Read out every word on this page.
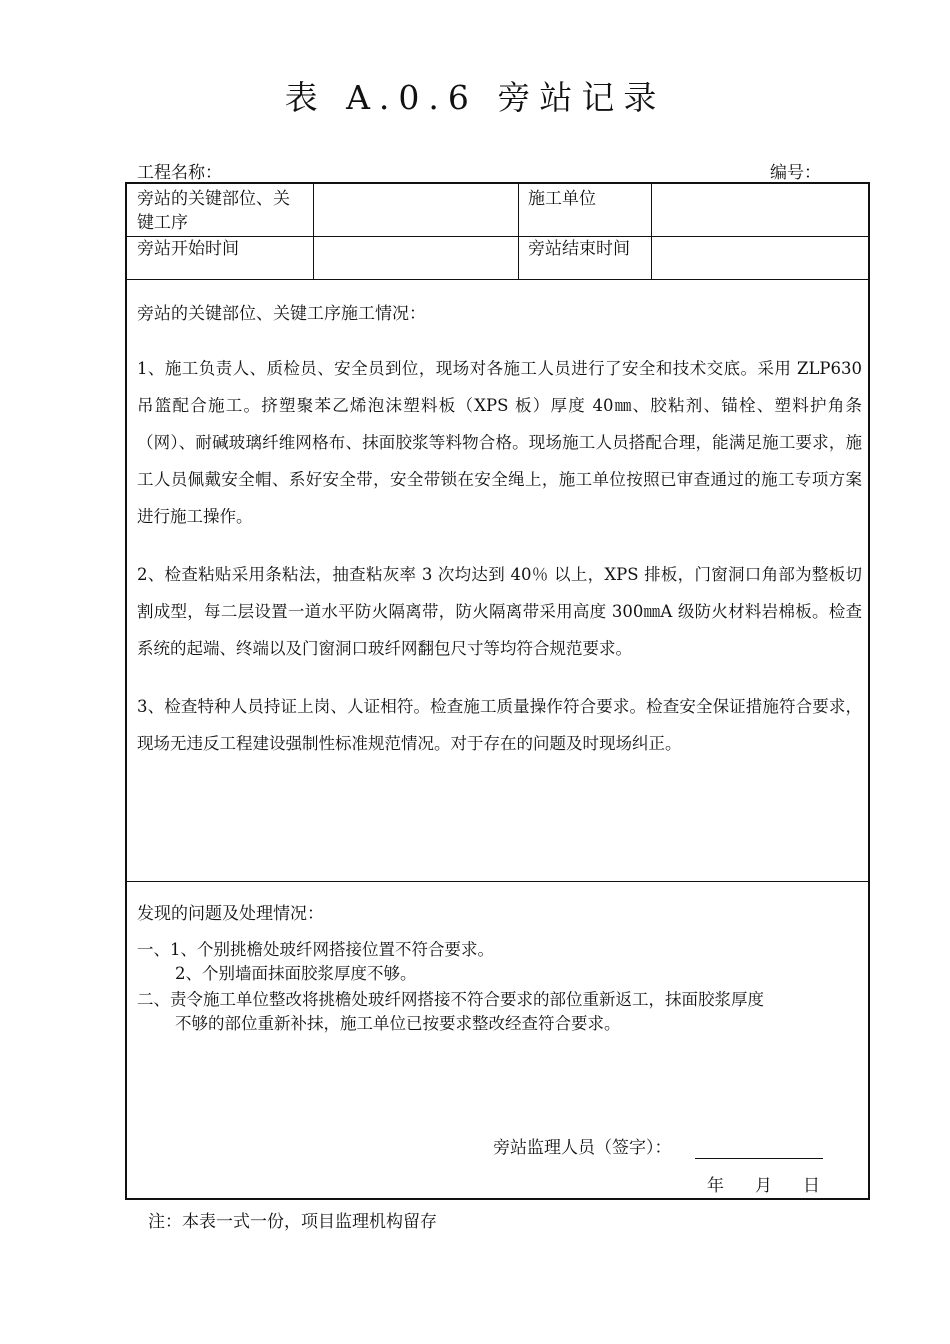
表 A.0.6 旁站记录
工程名称：	编号：
旁站的关键部位、关
键工序
施工单位
旁站开始时间	旁站结束时间
旁站的关键部位、关键工序施工情况：
1、施工负责人、质检员、安全员到位，现场对各施工人员进行了安全和技术交底。采用 ZLP630 吊篮配合施工。挤塑聚苯乙烯泡沫塑料板（XPS 板）厚度 40㎜、胶粘剂、锚栓、塑料护角条（网）、耐碱玻璃纤维网格布、抹面胶浆等料物合格。现场施工人员搭配合理，能满足施工要求，施工人员佩戴安全帽、系好安全带，安全带锁在安全绳上，施工单位按照已审查通过的施工专项方案进行施工操作。
2、检查粘贴采用条粘法，抽查粘灰率 3 次均达到 40％ 以上，XPS 排板，门窗洞口角部为整板切割成型，每二层设置一道水平防火隔离带，防火隔离带采用高度 300㎜A 级防火材料岩棉板。检查系统的起端、终端以及门窗洞口玻纤网翻包尺寸等均符合规范要求。
3、检查特种人员持证上岗、人证相符。检查施工质量操作符合要求。检查安全保证措施符合要求，现场无违反工程建设强制性标准规范情况。对于存在的问题及时现场纠正。
发现的问题及处理情况：
一、1、个别挑檐处玻纤网搭接位置不符合要求。
2、个别墙面抹面胶浆厚度不够。
二、责令施工单位整改将挑檐处玻纤网搭接不符合要求的部位重新返工，抹面胶浆厚度
不够的部位重新补抹，施工单位已按要求整改经查符合要求。
旁站监理人员（签字）：
年 月 日
注：本表一式一份，项目监理机构留存
